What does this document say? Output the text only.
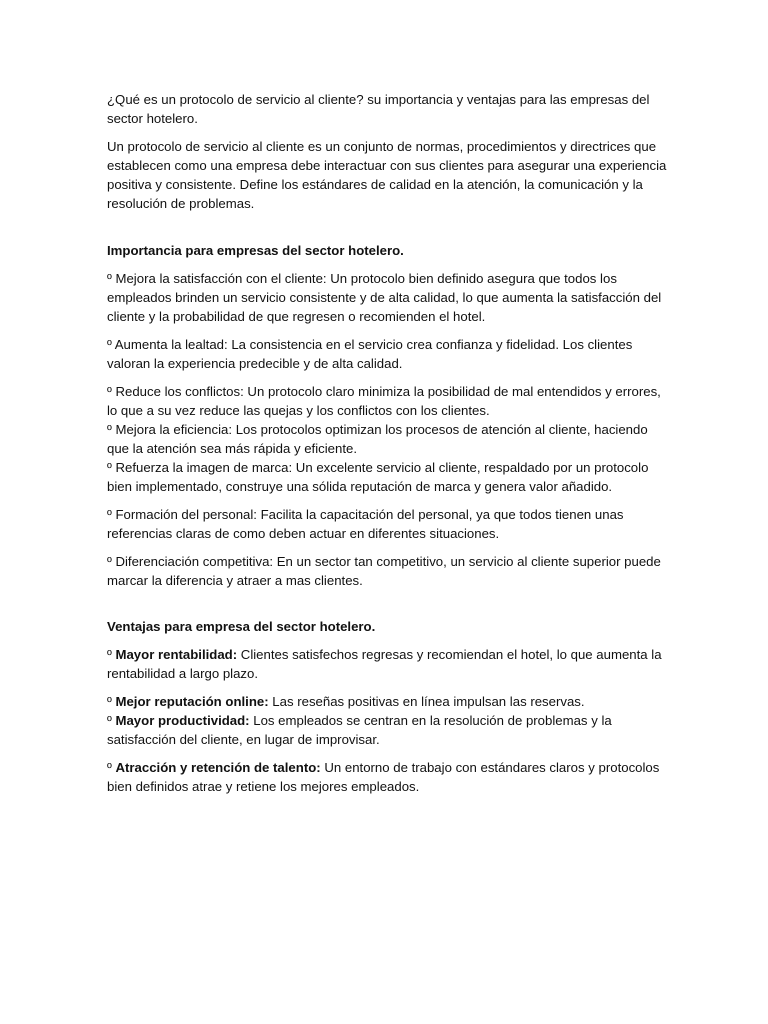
¿Qué es un protocolo de servicio al cliente? su importancia y ventajas para las empresas del sector hotelero.

Un protocolo de servicio al cliente es un conjunto de normas, procedimientos y directrices que establecen como una empresa debe interactuar con sus clientes para asegurar una experiencia positiva y consistente. Define los estándares de calidad en la atención, la comunicación y la resolución de problemas.

Importancia para empresas del sector hotelero.

º Mejora la satisfacción con el cliente: Un protocolo bien definido asegura que todos los empleados brinden un servicio consistente y de alta calidad, lo que aumenta la satisfacción del cliente y la probabilidad de que regresen o recomienden el hotel.

º Aumenta la lealtad: La consistencia en el servicio crea confianza y fidelidad. Los clientes valoran la experiencia predecible y de alta calidad.

º Reduce los conflictos: Un protocolo claro minimiza la posibilidad de mal entendidos y errores, lo que a su vez reduce las quejas y los conflictos con los clientes.

º Mejora la eficiencia: Los protocolos optimizan los procesos de atención al cliente, haciendo que la atención sea más rápida y eficiente.

º Refuerza la imagen de marca: Un excelente servicio al cliente, respaldado por un protocolo bien implementado, construye una sólida reputación de marca y genera valor añadido.

º Formación del personal: Facilita la capacitación del personal, ya que todos tienen unas referencias claras de como deben actuar en diferentes situaciones.

º Diferenciación competitiva: En un sector tan competitivo, un servicio al cliente superior puede marcar la diferencia y atraer a mas clientes.

Ventajas para empresa del sector hotelero.

º Mayor rentabilidad: Clientes satisfechos regresas y recomiendan el hotel, lo que aumenta la rentabilidad a largo plazo.

º Mejor reputación online: Las reseñas positivas en línea impulsan las reservas.

º Mayor productividad: Los empleados se centran en la resolución de problemas y la satisfacción del cliente, en lugar de improvisar.

º Atracción y retención de talento: Un entorno de trabajo con estándares claros y protocolos bien definidos atrae y retiene los mejores empleados.
